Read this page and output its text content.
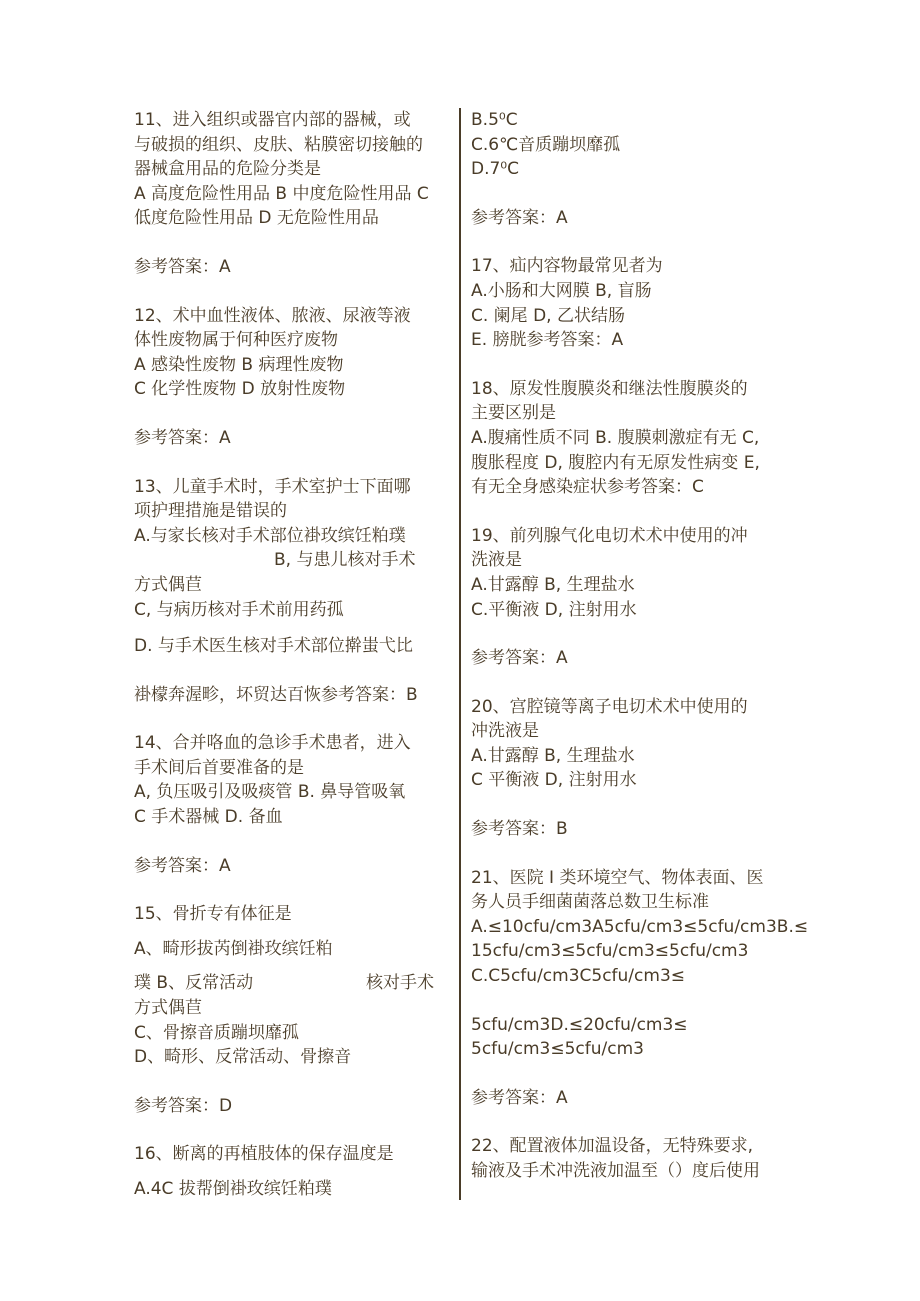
11、进入组织或器官内部的器械，或
与破损的组织、皮肤、粘膜密切接触的
器械盒用品的危险分类是
A 高度危险性用品 B 中度危险性用品 C
低度危险性用品 D 无危险性用品
参考答案：A
12、术中血性液体、脓液、尿液等液
体性废物属于何种医疗废物
A 感染性废物 B 病理性废物
C 化学性废物 D 放射性废物
参考答案：A
13、儿童手术时，手术室护士下面哪
项护理措施是错误的
A.与家长核对手术部位褂玫缤饪粕璞
B, 与患儿核对手术
方式偶苣
C, 与病历核对手术前用药孤
D. 与手术医生核对手术部位擀蚩弋比
褂檬奔渥畛，坏贸达百恢参考答案：B
14、合并咯血的急诊手术患者，进入
手术间后首要准备的是
A, 负压吸引及吸痰管 B. 鼻导管吸氧
C 手术器械 D. 备血
参考答案：A
15、骨折专有体征是
A、畸形拔芮倒褂玫缤饪粕
璞 B、反常活动	核对手术
方式偶苣
C、骨擦音质蹦坝靡孤
D、畸形、反常活动、骨擦音
参考答案：D
16、断离的再植肢体的保存温度是
A.4C 拔帮倒褂玫缤饪粕璞
B.5⁰C
C.6℃音质蹦坝靡孤
D.7⁰C
参考答案：A
17、疝内容物最常见者为
A.小肠和大网膜 B, 盲肠
C. 阑尾 D, 乙状结肠
E. 膀胱参考答案：A
18、原发性腹膜炎和继法性腹膜炎的
主要区别是
A.腹痛性质不同 B. 腹膜刺激症有无 C,
腹胀程度 D, 腹腔内有无原发性病变 E,
有无全身感染症状参考答案：C
19、前列腺气化电切术术中使用的冲
洗液是
A.甘露醇 B, 生理盐水
C.平衡液 D, 注射用水
参考答案：A
20、宫腔镜等离子电切术术中使用的
冲洗液是
A.甘露醇 B, 生理盐水
C 平衡液 D, 注射用水
参考答案：B
21、医院 I 类环境空气、物体表面、医
务人员手细菌菌落总数卫生标准
A.≤10cfu/cm3A5cfu/cm3≤5cfu/cm3B.≤
15cfu/cm3≤5cfu/cm3≤5cfu/cm3
C.C5cfu/cm3C5cfu/cm3≤
5cfu/cm3D.≤20cfu/cm3≤
5cfu/cm3≤5cfu/cm3
参考答案：A
22、配置液体加温设备，无特殊要求,
输液及手术冲洗液加温至（）度后使用
